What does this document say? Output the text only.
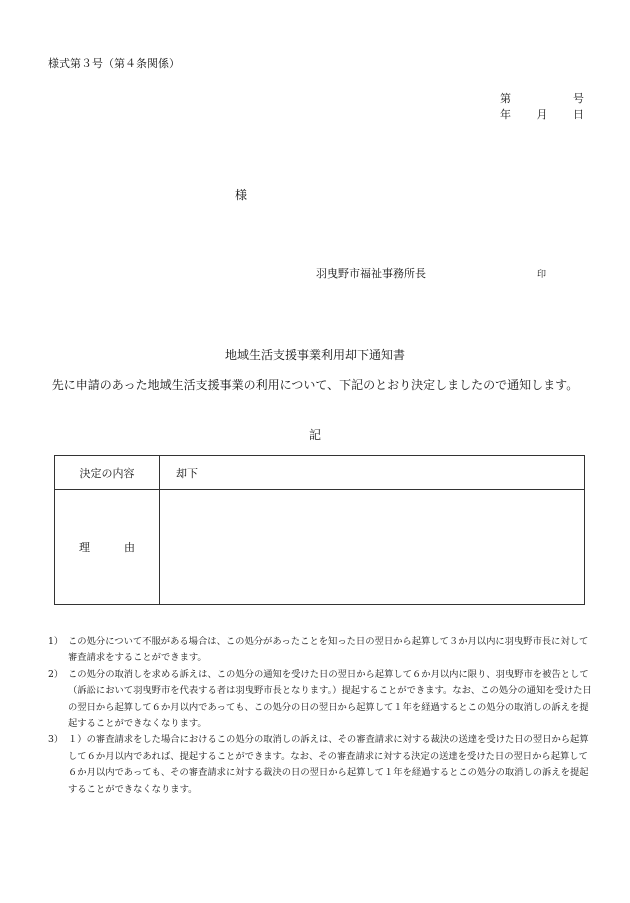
様式第３号（第４条関係）
第	号
年 月 日
様
羽曳野市福祉事務所長	印
地域生活支援事業利用却下通知書
先に申請のあった地域生活支援事業の利用について、下記のとおり決定しましたので通知します。
記
決定の内容	却下

理 由	

1） この処分について不服がある場合は、この処分があったことを知った日の翌日から起算して３か月以内に羽曳野市長に対して審査請求をすることができます。
2） この処分の取消しを求める訴えは、この処分の通知を受けた日の翌日から起算して６か月以内に限り、羽曳野市を被告として（訴訟において羽曳野市を代表する者は羽曳野市長となります。）提起することができます。なお、この処分の通知を受けた日の翌日から起算して６か月以内であっても、この処分の日の翌日から起算して１年を経過するとこの処分の取消しの訴えを提起することができなくなります。
3） １）の審査請求をした場合におけるこの処分の取消しの訴えは、その審査請求に対する裁決の送達を受けた日の翌日から起算して６か月以内であれば、提起することができます。なお、その審査請求に対する決定の送達を受けた日の翌日から起算して６か月以内であっても、その審査請求に対する裁決の日の翌日から起算して１年を経過するとこの処分の取消しの訴えを提起することができなくなります。
